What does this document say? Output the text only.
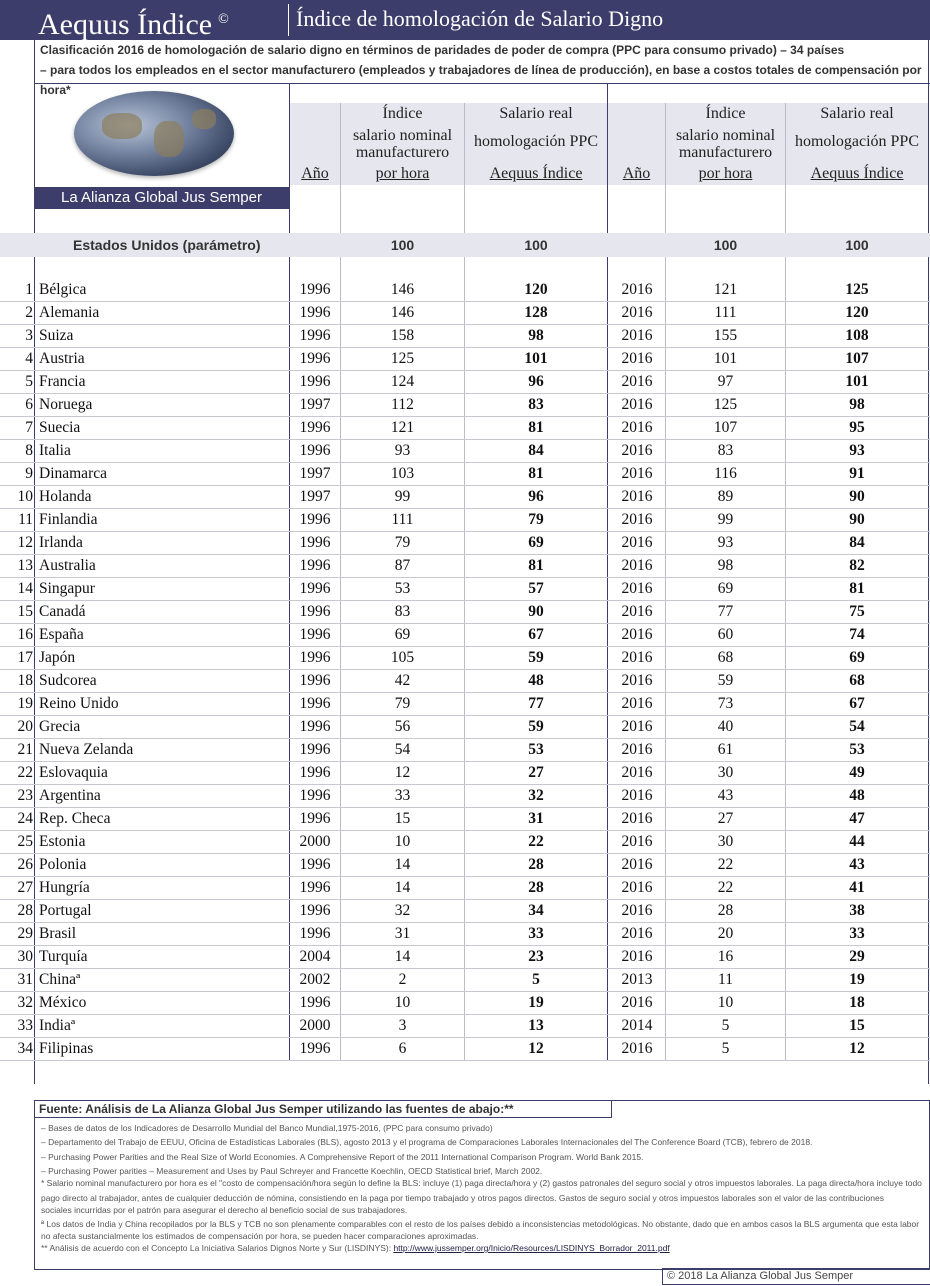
Aequus Índice ©	Índice de homologación de Salario Digno
Clasificación 2016 de homologación de salario digno en términos de paridades de poder de compra (PPC para consumo privado) – 34 países
– para todos los empleados en el sector manufacturero (empleados y trabajadores de línea de producción), en base a costos totales de compensación por hora*
La Alianza Global Jus Semper
Año
Índice
salario nominal manufacturero
por hora
Salario real
homologación PPC
Aequus Índice	Año
Índice
salario nominal manufacturero
por hora
Salario real
homologación PPC
Aequus Índice
Estados Unidos (parámetro)	100	100	100	100
1 Bélgica	1996	146	120	2016	121	125
2 Alemania	1996	146	128	2016	111	120
3 Suiza	1996	158	98	2016	155	108
4 Austria	1996	125	101	2016	101	107
5 Francia	1996	124	96	2016	97	101
6 Noruega	1997	112	83	2016	125	98
7 Suecia	1996	121	81	2016	107	95
8 Italia	1996	93	84	2016	83	93
9 Dinamarca	1997	103	81	2016	116	91
10 Holanda	1997	99	96	2016	89	90
11 Finlandia	1996	111	79	2016	99	90
12 Irlanda	1996	79	69	2016	93	84
13 Australia	1996	87	81	2016	98	82
14 Singapur	1996	53	57	2016	69	81
15 Canadá	1996	83	90	2016	77	75
16 España	1996	69	67	2016	60	74
17 Japón	1996	105	59	2016	68	69
18 Sudcorea	1996	42	48	2016	59	68
19 Reino Unido	1996	79	77	2016	73	67
20 Grecia	1996	56	59	2016	40	54
21 Nueva Zelanda	1996	54	53	2016	61	53
22 Eslovaquia	1996	12	27	2016	30	49
23 Argentina	1996	33	32	2016	43	48
24 Rep. Checa	1996	15	31	2016	27	47
25 Estonia	2000	10	22	2016	30	44
26 Polonia	1996	14	28	2016	22	43
27 Hungría	1996	14	28	2016	22	41
28 Portugal	1996	32	34	2016	28	38
29 Brasil	1996	31	33	2016	20	33
30 Turquía	2004	14	23	2016	16	29
31 Chinaª	2002	2	5	2013	11	19
32 México	1996	10	19	2016	10	18
33 Indiaª	2000	3	13	2014	5	15
34 Filipinas	1996	6	12	2016	5	12
Fuente: Análisis de La Alianza Global Jus Semper utilizando las fuentes de abajo:**
– Bases de datos de los Indicadores de Desarrollo Mundial del Banco Mundial,1975-2016, (PPC para consumo privado)
– Departamento del Trabajo de EEUU, Oficina de Estadísticas Laborales (BLS), agosto 2013 y el programa de Comparaciones Laborales Internacionales del The Conference Board (TCB), febrero de 2018.
– Purchasing Power Parities and the Real Size of World Economies. A Comprehensive Report of the 2011 International Comparison Program. World Bank 2015.
– Purchasing Power parities – Measurement and Uses by Paul Schreyer and Francette Koechlin, OECD Statistical brief, March 2002.
* Salario nominal manufacturero por hora es el "costo de compensación/hora según lo define la BLS: incluye (1) paga directa/hora y (2) gastos patronales del seguro social y otros impuestos laborales. La paga directa/hora incluye todo
pago directo al trabajador, antes de cualquier deducción de nómina, consistiendo en la paga por tiempo trabajado y otros pagos directos. Gastos de seguro social y otros impuestos laborales son el valor de las contribuciones
sociales incurridas por el patrón para asegurar el derecho al beneficio social de sus trabajadores.
ª Los datos de India y China recopilados por la BLS y TCB no son plenamente comparables con el resto de los países debido a inconsistencias metodológicas. No obstante, dado que en ambos casos la BLS argumenta que esta labor
no afecta sustancialmente los estimados de compensación por hora, se pueden hacer comparaciones aproximadas.
** Análisis de acuerdo con el Concepto La Iniciativa Salarios Dignos Norte y Sur (LISDINYS): http://www.jussemper.org/Inicio/Resources/LISDINYS_Borrador_2011.pdf
© 2018 La Alianza Global Jus Semper
